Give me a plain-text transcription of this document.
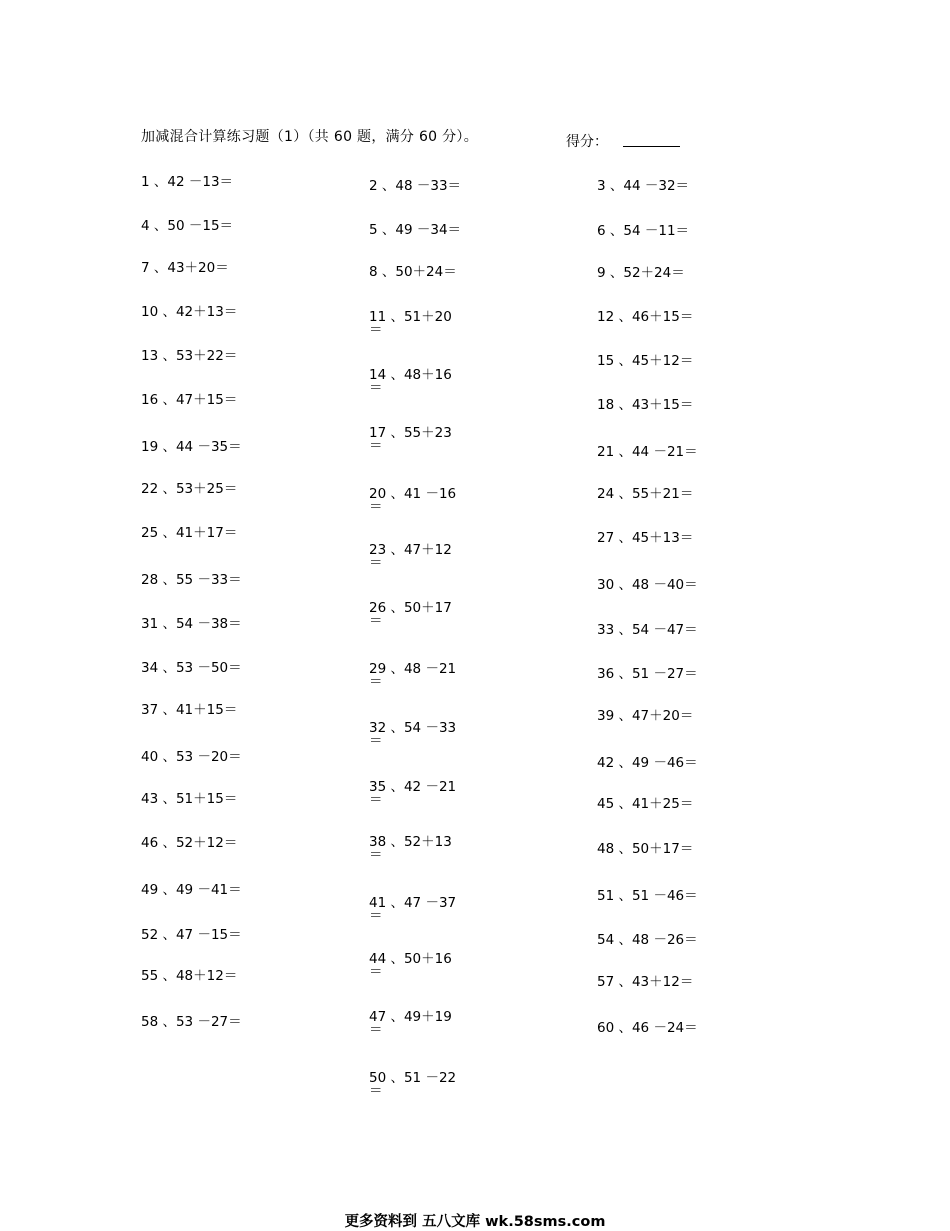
加减混合计算练习题（1）（共 60 题，满分 60 分）。	得分：
1 、42 －13＝
4 、50 －15＝
7 、43＋20＝
10 、42＋13＝
13 、53＋22＝
16 、47＋15＝
19 、44 －35＝
22 、53＋25＝
25 、41＋17＝
28 、55 －33＝
31 、54 －38＝
34 、53 －50＝
37 、41＋15＝
40 、53 －20＝
43 、51＋15＝
46 、52＋12＝
49 、49 －41＝
52 、47 －15＝
55 、48＋12＝
58 、53 －27＝
2 、48 －33＝
5 、49 －34＝
8 、50＋24＝
11 、51＋20
＝
14 、48＋16
＝
17 、55＋23
＝
20 、41 －16
＝
23 、47＋12
＝
26 、50＋17
＝
29 、48 －21
＝
32 、54 －33
＝
35 、42 －21
＝
38 、52＋13
＝
41 、47 －37
＝
44 、50＋16
＝
47 、49＋19
＝
50 、51 －22
＝
3 、44 －32＝
6 、54 －11＝
9 、52＋24＝
12 、46＋15＝
15 、45＋12＝
18 、43＋15＝
21 、44 －21＝
24 、55＋21＝
27 、45＋13＝
30 、48 －40＝
33 、54 －47＝
36 、51 －27＝
39 、47＋20＝
42 、49 －46＝
45 、41＋25＝
48 、50＋17＝
51 、51 －46＝
54 、48 －26＝
57 、43＋12＝
60 、46 －24＝
更多资料到 五八文库 wk.58sms.com
